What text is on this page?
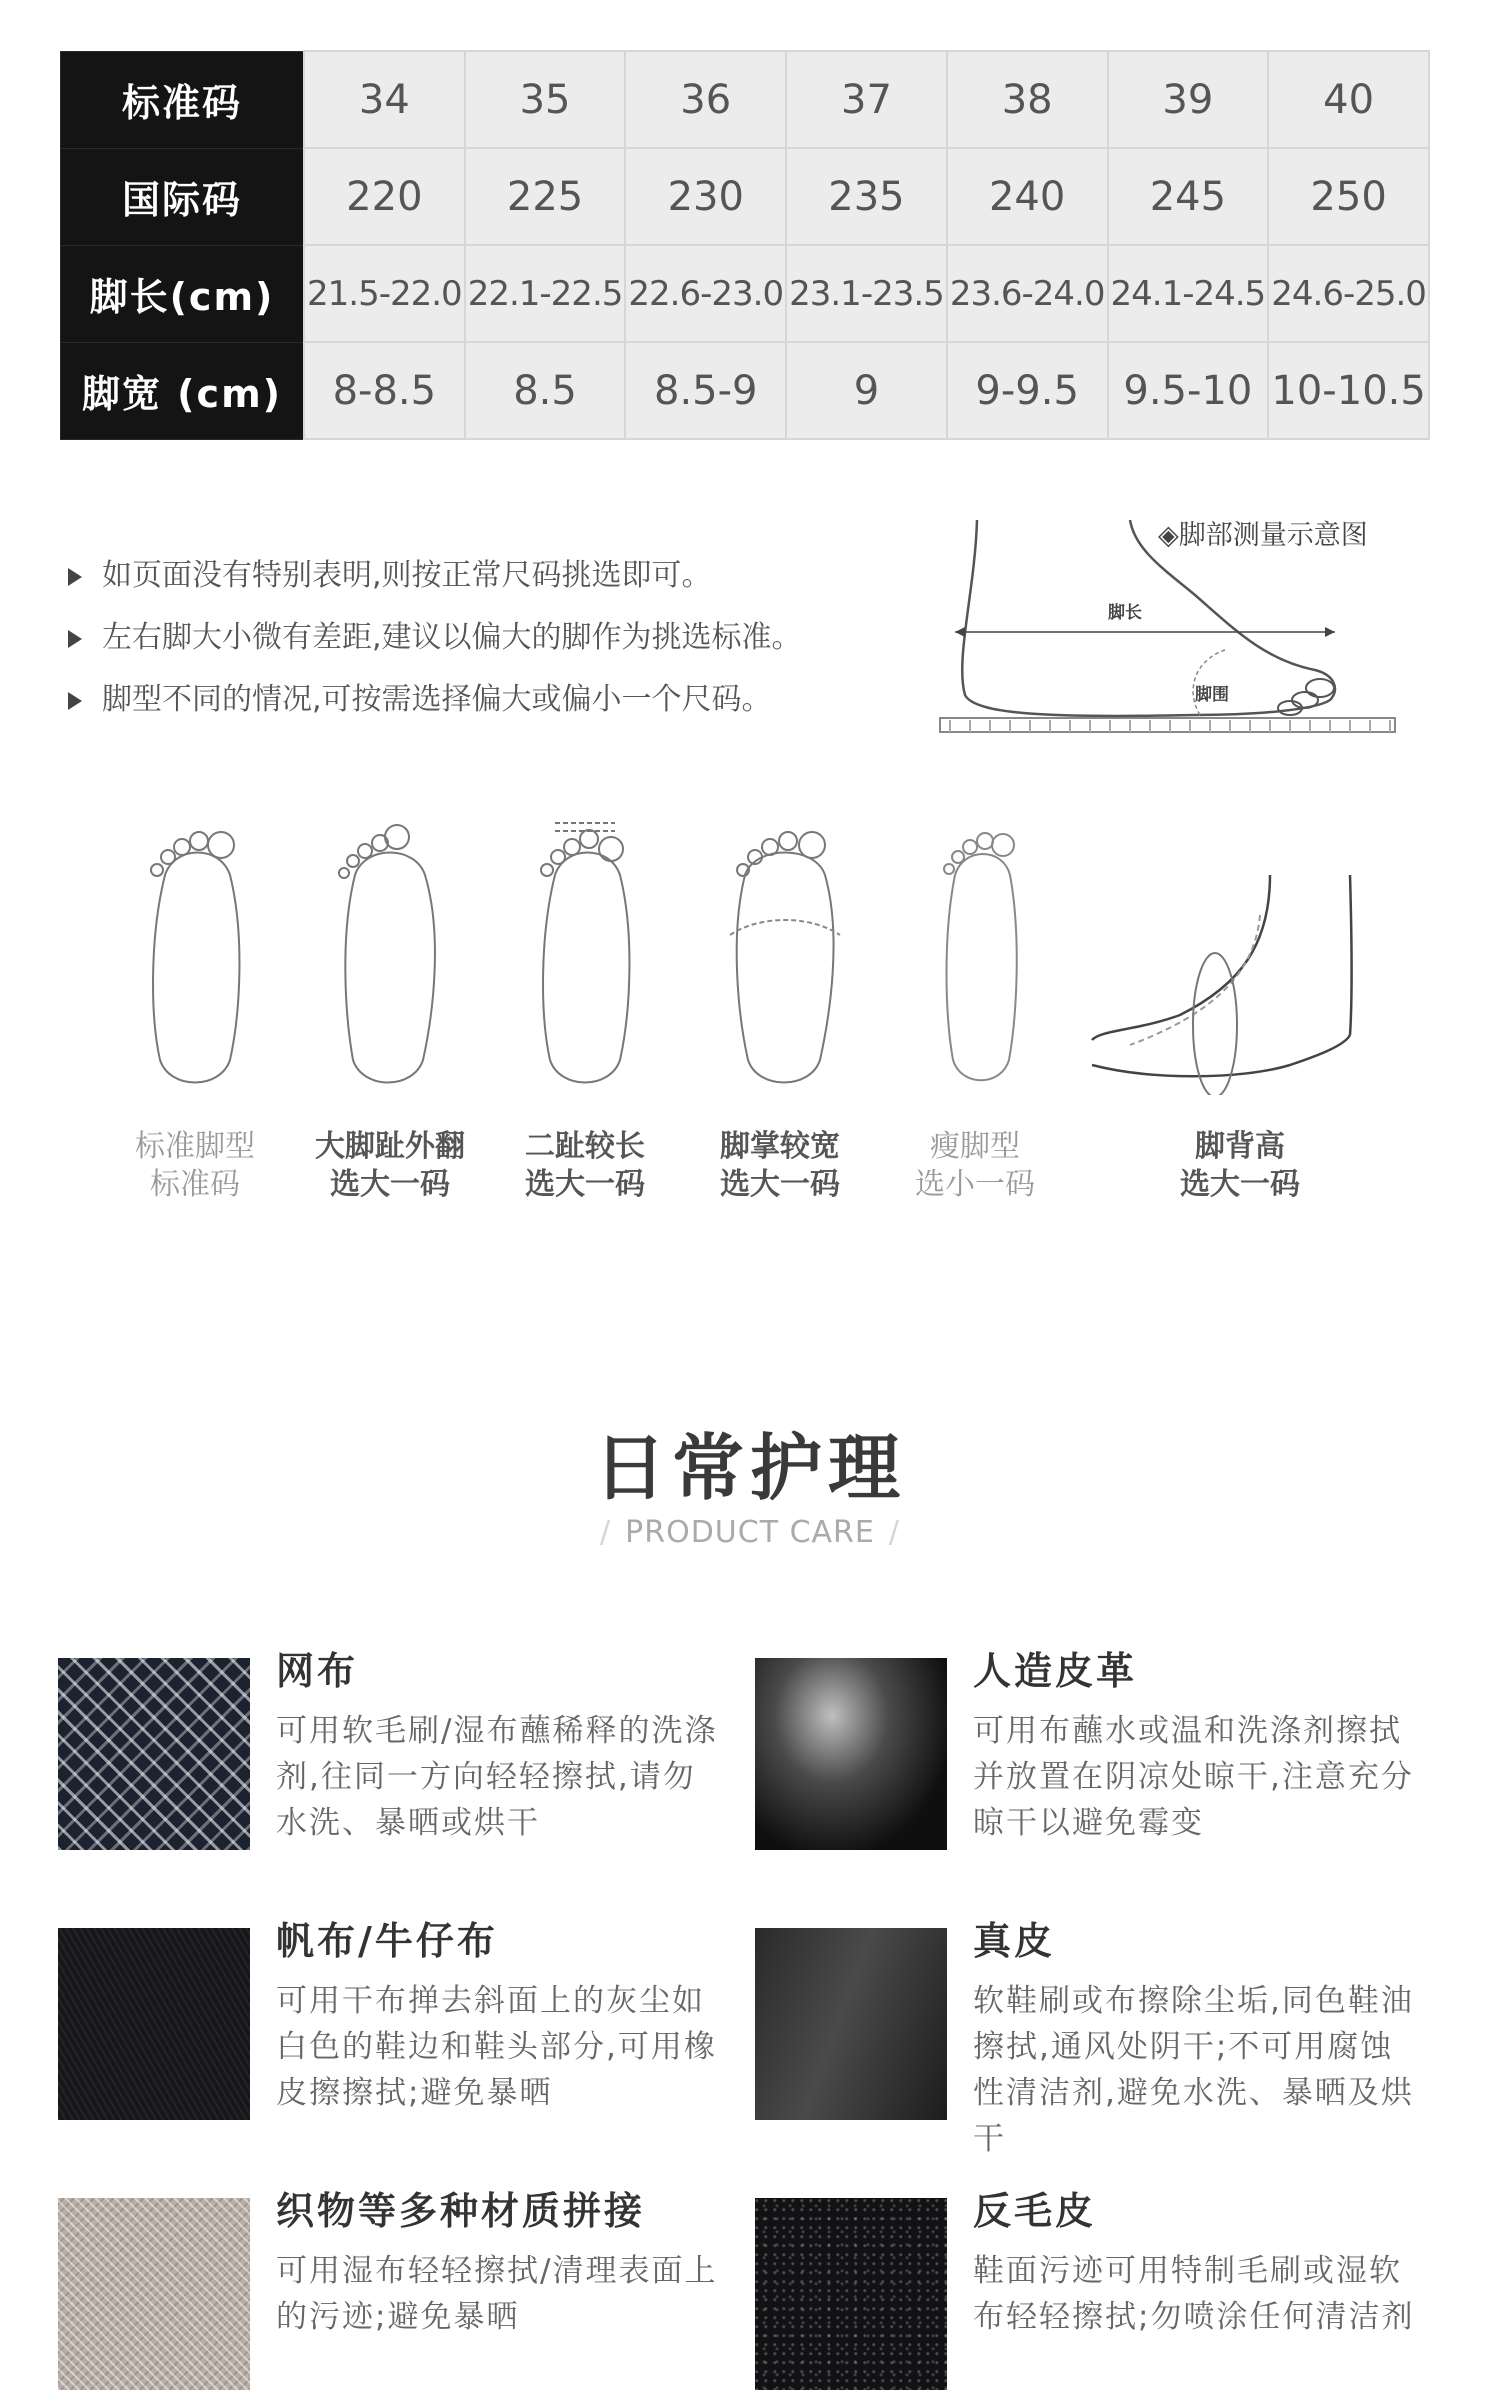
标准码	34	35	36	37	38	39	40
国际码	220	225	230	235	240	245	250
脚长(cm)	21.5-22.0	22.1-22.5	22.6-23.0	23.1-23.5	23.6-24.0	24.1-24.5	24.6-25.0
脚宽 (cm)	8-8.5	8.5	8.5-9	9	9-9.5	9.5-10	10-10.5
如页面没有特别表明,则按正常尺码挑选即可。
左右脚大小微有差距,建议以偏大的脚作为挑选标准。
脚型不同的情况,可按需选择偏大或偏小一个尺码。
◈脚部测量示意图
脚长
脚围
标准脚型
标准码
大脚趾外翻
选大一码
二趾较长
选大一码
脚掌较宽
选大一码
瘦脚型
选小一码
脚背高
选大一码
日常护理
/ PRODUCT CARE /
网布
可用软毛刷/湿布蘸稀释的洗涤剂,往同一方向轻轻擦拭,请勿水洗、暴晒或烘干
人造皮革
可用布蘸水或温和洗涤剂擦拭并放置在阴凉处晾干,注意充分晾干以避免霉变
帆布/牛仔布
可用干布掸去斜面上的灰尘如白色的鞋边和鞋头部分,可用橡皮擦擦拭;避免暴晒
真皮
软鞋刷或布擦除尘垢,同色鞋油擦拭,通风处阴干;不可用腐蚀性清洁剂,避免水洗、暴晒及烘干
织物等多种材质拼接
可用湿布轻轻擦拭/清理表面上的污迹;避免暴晒
反毛皮
鞋面污迹可用特制毛刷或湿软布轻轻擦拭;勿喷涂任何清洁剂
